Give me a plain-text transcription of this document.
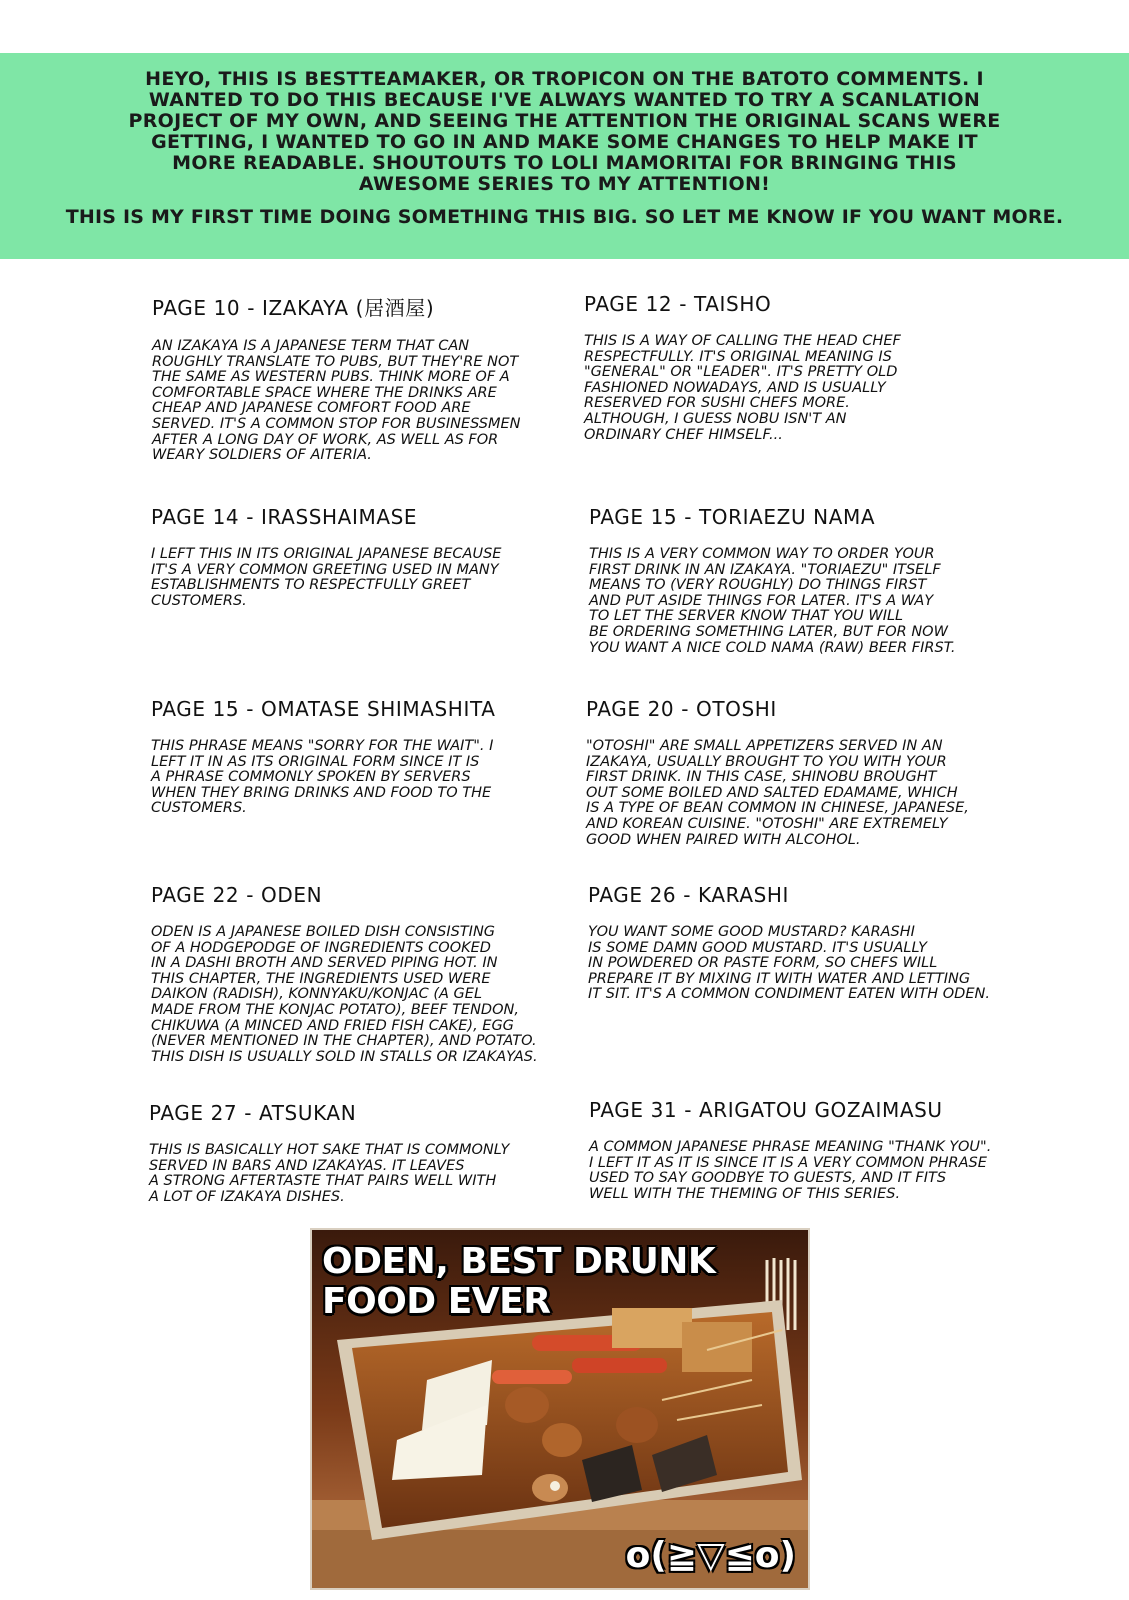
HEYO, THIS IS BESTTEAMAKER, OR TROPICON ON THE BATOTO COMMENTS. I WANTED TO DO THIS BECAUSE I'VE ALWAYS WANTED TO TRY A SCANLATION PROJECT OF MY OWN, AND SEEING THE ATTENTION THE ORIGINAL SCANS WERE GETTING, I WANTED TO GO IN AND MAKE SOME CHANGES TO HELP MAKE IT MORE READABLE. SHOUTOUTS TO LOLI MAMORITAI FOR BRINGING THIS AWESOME SERIES TO MY ATTENTION!

THIS IS MY FIRST TIME DOING SOMETHING THIS BIG. SO LET ME KNOW IF YOU WANT MORE.

PAGE 10 - IZAKAYA (居酒屋)

AN IZAKAYA IS A JAPANESE TERM THAT CAN
ROUGHLY TRANSLATE TO PUBS, BUT THEY'RE NOT
THE SAME AS WESTERN PUBS. THINK MORE OF A
COMFORTABLE SPACE WHERE THE DRINKS ARE
CHEAP AND JAPANESE COMFORT FOOD ARE
SERVED. IT'S A COMMON STOP FOR BUSINESSMEN
AFTER A LONG DAY OF WORK, AS WELL AS FOR
WEARY SOLDIERS OF AITERIA.

PAGE 12 - TAISHO

THIS IS A WAY OF CALLING THE HEAD CHEF
RESPECTFULLY. IT'S ORIGINAL MEANING IS
"GENERAL" OR "LEADER". IT'S PRETTY OLD
FASHIONED NOWADAYS, AND IS USUALLY
RESERVED FOR SUSHI CHEFS MORE.
ALTHOUGH, I GUESS NOBU ISN'T AN
ORDINARY CHEF HIMSELF...

PAGE 14 - IRASSHAIMASE

I LEFT THIS IN ITS ORIGINAL JAPANESE BECAUSE
IT'S A VERY COMMON GREETING USED IN MANY
ESTABLISHMENTS TO RESPECTFULLY GREET
CUSTOMERS.

PAGE 15 - TORIAEZU NAMA

THIS IS A VERY COMMON WAY TO ORDER YOUR
FIRST DRINK IN AN IZAKAYA. "TORIAEZU" ITSELF
MEANS TO (VERY ROUGHLY) DO THINGS FIRST
AND PUT ASIDE THINGS FOR LATER. IT'S A WAY
TO LET THE SERVER KNOW THAT YOU WILL
BE ORDERING SOMETHING LATER, BUT FOR NOW
YOU WANT A NICE COLD NAMA (RAW) BEER FIRST.

PAGE 15 - OMATASE SHIMASHITA

THIS PHRASE MEANS "SORRY FOR THE WAIT". I
LEFT IT IN AS ITS ORIGINAL FORM SINCE IT IS
A PHRASE COMMONLY SPOKEN BY SERVERS
WHEN THEY BRING DRINKS AND FOOD TO THE
CUSTOMERS.

PAGE 20 - OTOSHI

"OTOSHI" ARE SMALL APPETIZERS SERVED IN AN
IZAKAYA, USUALLY BROUGHT TO YOU WITH YOUR
FIRST DRINK. IN THIS CASE, SHINOBU BROUGHT
OUT SOME BOILED AND SALTED EDAMAME, WHICH
IS A TYPE OF BEAN COMMON IN CHINESE, JAPANESE,
AND KOREAN CUISINE. "OTOSHI" ARE EXTREMELY
GOOD WHEN PAIRED WITH ALCOHOL.

PAGE 22 - ODEN

ODEN IS A JAPANESE BOILED DISH CONSISTING
OF A HODGEPODGE OF INGREDIENTS COOKED
IN A DASHI BROTH AND SERVED PIPING HOT. IN
THIS CHAPTER, THE INGREDIENTS USED WERE
DAIKON (RADISH), KONNYAKU/KONJAC (A GEL
MADE FROM THE KONJAC POTATO), BEEF TENDON,
CHIKUWA (A MINCED AND FRIED FISH CAKE), EGG
(NEVER MENTIONED IN THE CHAPTER), AND POTATO.
THIS DISH IS USUALLY SOLD IN STALLS OR IZAKAYAS.

PAGE 26 - KARASHI

YOU WANT SOME GOOD MUSTARD? KARASHI
IS SOME DAMN GOOD MUSTARD. IT'S USUALLY
IN POWDERED OR PASTE FORM, SO CHEFS WILL
PREPARE IT BY MIXING IT WITH WATER AND LETTING
IT SIT. IT'S A COMMON CONDIMENT EATEN WITH ODEN.

PAGE 27 - ATSUKAN

THIS IS BASICALLY HOT SAKE THAT IS COMMONLY
SERVED IN BARS AND IZAKAYAS. IT LEAVES
A STRONG AFTERTASTE THAT PAIRS WELL WITH
A LOT OF IZAKAYA DISHES.

PAGE 31 - ARIGATOU GOZAIMASU

A COMMON JAPANESE PHRASE MEANING "THANK YOU".
I LEFT IT AS IT IS SINCE IT IS A VERY COMMON PHRASE
USED TO SAY GOODBYE TO GUESTS, AND IT FITS
WELL WITH THE THEMING OF THIS SERIES.

ODEN, BEST DRUNK FOOD EVER
o(≧▽≦o)
